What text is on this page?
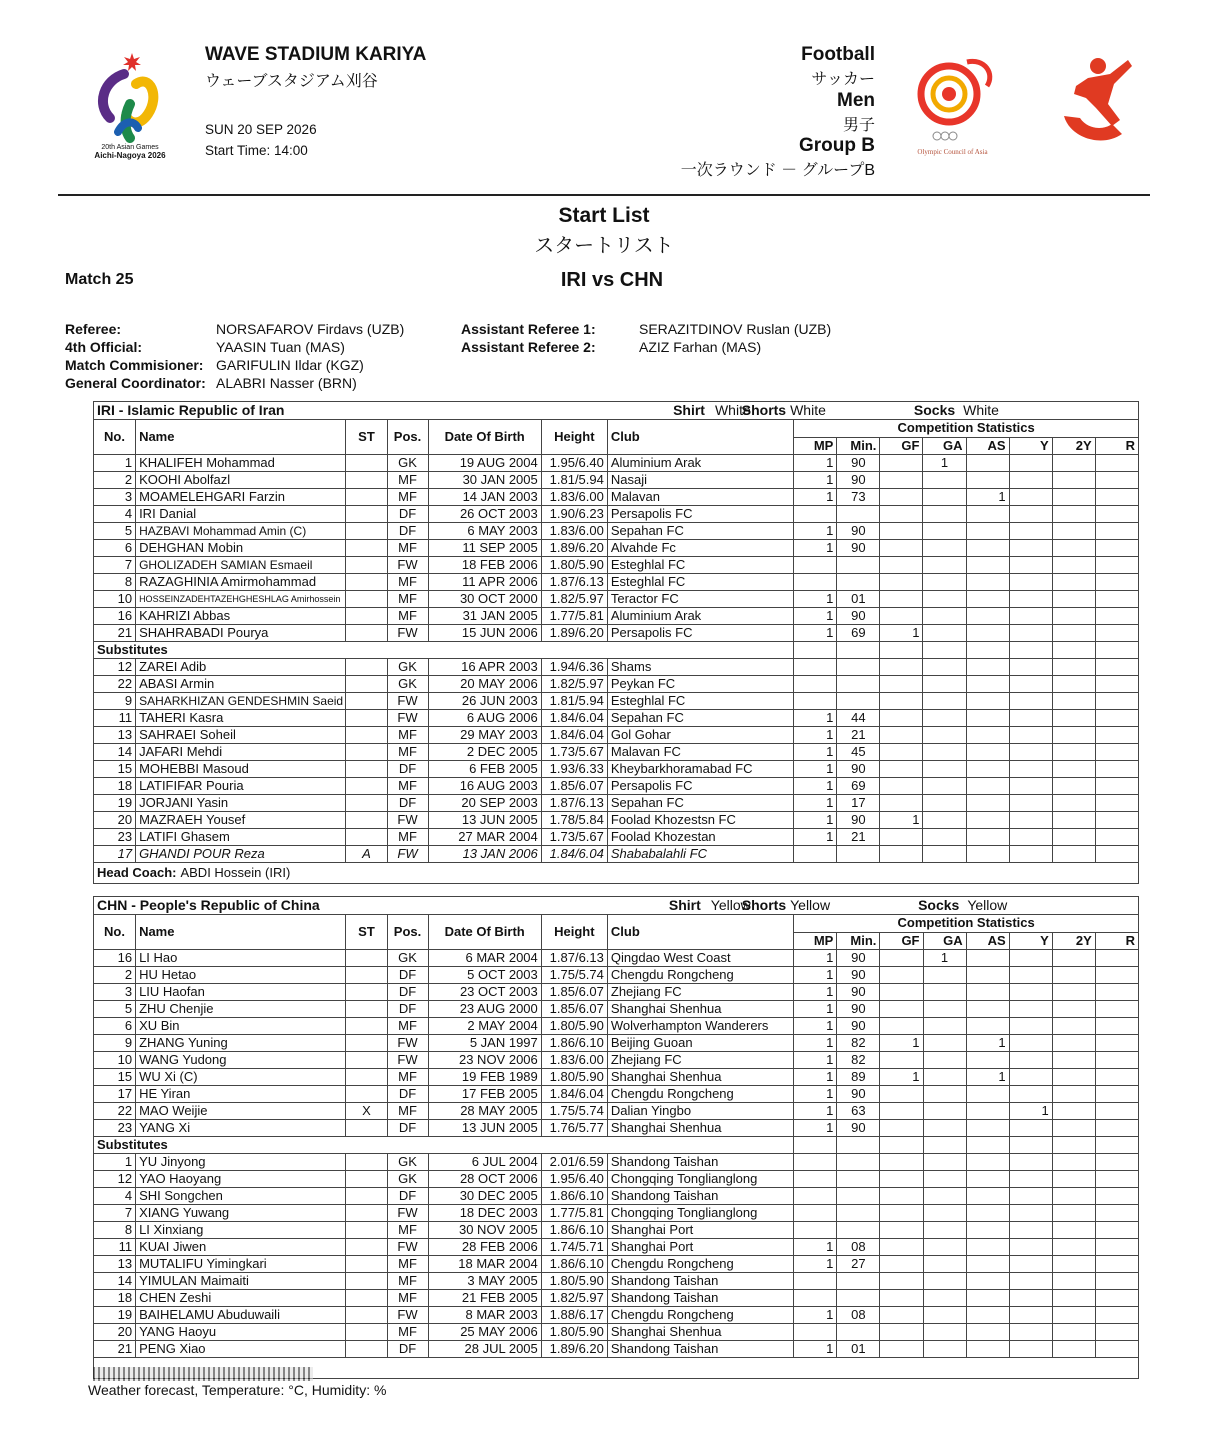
20th Asian Games
Aichi-Nagoya 2026
WAVE STADIUM KARIYA
ウェーブスタジアム刈谷
SUN 20 SEP 2026
Start Time: 14:00
Football
サッカー
Men
男子
Group B
一次ラウンド － グループB
Olympic Council of Asia
Start List
スタートリスト
Match 25	IRI vs CHN
Referee:	NORSAFAROV Firdavs (UZB)
4th Official:	YAASIN Tuan (MAS)
Match Commisioner: GARIFULIN Ildar (KGZ)
General Coordinator: ALABRI Nasser (BRN)
Assistant Referee 1:	SERAZITDINOV Ruslan (UZB)
Assistant Referee 2:	AZIZ Farhan (MAS)
IRI - Islamic Republic of Iran	Shirt White	Shorts White	Socks White
No.	Name	ST	Pos.	Date Of Birth	Height	Club	Competition Statistics
MP	Min.	GF	GA	AS	Y	2Y	R
1	KHALIFEH Mohammad		GK	19 AUG 2004	1.95/6.40	Aluminium Arak	1	90		1				
2	KOOHI Abolfazl		MF	30 JAN 2005	1.81/5.94	Nasaji	1	90						
3	MOAMELEHGARI Farzin		MF	14 JAN 2003	1.83/6.00	Malavan	1	73			1			
4	IRI Danial		DF	26 OCT 2003	1.90/6.23	Persapolis FC								
5	HAZBAVI Mohammad Amin (C)		DF	6 MAY 2003	1.83/6.00	Sepahan FC	1	90						
6	DEHGHAN Mobin		MF	11 SEP 2005	1.89/6.20	Alvahde Fc	1	90						
7	GHOLIZADEH SAMIAN Esmaeil		FW	18 FEB 2006	1.80/5.90	Esteghlal FC								
8	RAZAGHINIA Amirmohammad		MF	11 APR 2006	1.87/6.13	Esteghlal FC								
10	HOSSEINZADEHTAZEHGHESHLAG Amirhossein		MF	30 OCT 2000	1.82/5.97	Teractor FC	1	01						
16	KAHRIZI Abbas		MF	31 JAN 2005	1.77/5.81	Aluminium Arak	1	90						
21	SHAHRABADI Pourya		FW	15 JUN 2006	1.89/6.20	Persapolis FC	1	69	1					
Substitutes								
12	ZAREI Adib		GK	16 APR 2003	1.94/6.36	Shams								
22	ABASI Armin		GK	20 MAY 2006	1.82/5.97	Peykan FC								
9	SAHARKHIZAN GENDESHMIN Saeid		FW	26 JUN 2003	1.81/5.94	Esteghlal FC								
11	TAHERI Kasra		FW	6 AUG 2006	1.84/6.04	Sepahan FC	1	44						
13	SAHRAEI Soheil		MF	29 MAY 2003	1.84/6.04	Gol Gohar	1	21						
14	JAFARI Mehdi		MF	2 DEC 2005	1.73/5.67	Malavan FC	1	45						
15	MOHEBBI Masoud		DF	6 FEB 2005	1.93/6.33	Kheybarkhoramabad FC	1	90						
18	LATIFIFAR Pouria		MF	16 AUG 2003	1.85/6.07	Persapolis FC	1	69						
19	JORJANI Yasin		DF	20 SEP 2003	1.87/6.13	Sepahan FC	1	17						
20	MAZRAEH Yousef		FW	13 JUN 2005	1.78/5.84	Foolad Khozestsn FC	1	90	1					
23	LATIFI Ghasem		MF	27 MAR 2004	1.73/5.67	Foolad Khozestan	1	21						
17	GHANDI POUR Reza	A	FW	13 JAN 2006	1.84/6.04	Shababalahli FC								
Head Coach: ABDI Hossein (IRI)
CHN - People's Republic of China	Shirt Yellow	Shorts Yellow	Socks Yellow
No.	Name	ST	Pos.	Date Of Birth	Height	Club	Competition Statistics
MP	Min.	GF	GA	AS	Y	2Y	R
16	LI Hao		GK	6 MAR 2004	1.87/6.13	Qingdao West Coast	1	90		1				
2	HU Hetao		DF	5 OCT 2003	1.75/5.74	Chengdu Rongcheng	1	90						
3	LIU Haofan		DF	23 OCT 2003	1.85/6.07	Zhejiang FC	1	90						
5	ZHU Chenjie		DF	23 AUG 2000	1.85/6.07	Shanghai Shenhua	1	90						
6	XU Bin		MF	2 MAY 2004	1.80/5.90	Wolverhampton Wanderers	1	90						
9	ZHANG Yuning		FW	5 JAN 1997	1.86/6.10	Beijing Guoan	1	82	1		1			
10	WANG Yudong		FW	23 NOV 2006	1.83/6.00	Zhejiang FC	1	82						
15	WU Xi (C)		MF	19 FEB 1989	1.80/5.90	Shanghai Shenhua	1	89	1		1			
17	HE Yiran		DF	17 FEB 2005	1.84/6.04	Chengdu Rongcheng	1	90						
22	MAO Weijie	X	MF	28 MAY 2005	1.75/5.74	Dalian Yingbo	1	63				1		
23	YANG Xi		DF	13 JUN 2005	1.76/5.77	Shanghai Shenhua	1	90						
Substitutes								
1	YU Jinyong		GK	6 JUL 2004	2.01/6.59	Shandong Taishan								
12	YAO Haoyang		GK	28 OCT 2006	1.95/6.40	Chongqing Tonglianglong								
4	SHI Songchen		DF	30 DEC 2005	1.86/6.10	Shandong Taishan								
7	XIANG Yuwang		FW	18 DEC 2003	1.77/5.81	Chongqing Tonglianglong								
8	LI Xinxiang		MF	30 NOV 2005	1.86/6.10	Shanghai Port								
11	KUAI Jiwen		FW	28 FEB 2006	1.74/5.71	Shanghai Port	1	08						
13	MUTALIFU Yimingkari		MF	18 MAR 2004	1.86/6.10	Chengdu Rongcheng	1	27						
14	YIMULAN Maimaiti		MF	3 MAY 2005	1.80/5.90	Shandong Taishan								
18	CHEN Zeshi		MF	21 FEB 2005	1.82/5.97	Shandong Taishan								
19	BAIHELAMU Abuduwaili		FW	8 MAR 2003	1.88/6.17	Chengdu Rongcheng	1	08						
20	YANG Haoyu		MF	25 MAY 2006	1.80/5.90	Shanghai Shenhua								
21	PENG Xiao		DF	28 JUL 2005	1.89/6.20	Shandong Taishan	1	01						

Weather forecast, Temperature: °C, Humidity: %
